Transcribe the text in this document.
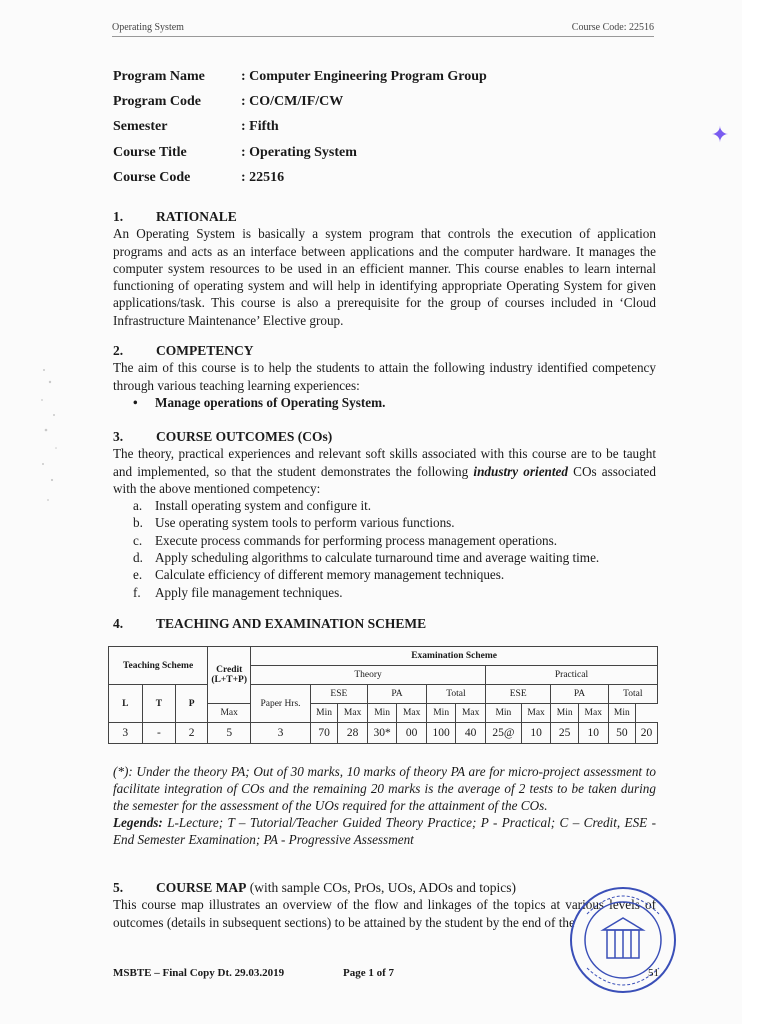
Operating System	Course Code: 22516
Program Name	: Computer Engineering Program Group
Program Code	: CO/CM/IF/CW
Semester	: Fifth
Course Title	: Operating System
Course Code	: 22516
1.	RATIONALE
An Operating System is basically a system program that controls the execution of application programs and acts as an interface between applications and the computer hardware. It manages the computer system resources to be used in an efficient manner. This course enables to learn internal functioning of operating system and will help in identifying appropriate Operating System for given applications/task. This course is also a prerequisite for the group of courses included in ‘Cloud Infrastructure Maintenance’ Elective group.
2.	COMPETENCY
The aim of this course is to help the students to attain the following industry identified competency through various teaching learning experiences:
•	Manage operations of Operating System.
3.	COURSE OUTCOMES (COs)
The theory, practical experiences and relevant soft skills associated with this course are to be taught and implemented, so that the student demonstrates the following industry oriented COs associated with the above mentioned competency:
a. Install operating system and configure it.
b. Use operating system tools to perform various functions.
c. Execute process commands for performing process management operations.
d. Apply scheduling algorithms to calculate turnaround time and average waiting time.
e. Calculate efficiency of different memory management techniques.
f.	Apply file management techniques.
4.	TEACHING AND EXAMINATION SCHEME
Teaching Scheme			Credit (L+T+P)	Examination Scheme												
				Theory							Practical					
L	T	P		Paper Hrs.	ESE		PA		Total		ESE		PA		Total	
			Max		Min	Max	Min	Max	Min	Max	Min	Max	Min	Max	Min	
3	-	2	5	3	70	28	30*	00	100	40	25@	10	25	10	50	20
(*): Under the theory PA; Out of 30 marks, 10 marks of theory PA are for micro-project assessment to facilitate integration of COs and the remaining 20 marks is the average of 2 tests to be taken during the semester for the assessment of the UOs required for the attainment of the COs.
Legends: L-Lecture; T – Tutorial/Teacher Guided Theory Practice; P - Practical; C – Credit, ESE - End Semester Examination; PA - Progressive Assessment
5.	COURSE MAP (with sample COs, PrOs, UOs, ADOs and topics)
This course map illustrates an overview of the flow and linkages of the topics at various levels of outcomes (details in subsequent sections) to be attained by the student by the end of the
MSBTE – Final Copy Dt. 29.03.2019	Page 1 of 7	51
✦
